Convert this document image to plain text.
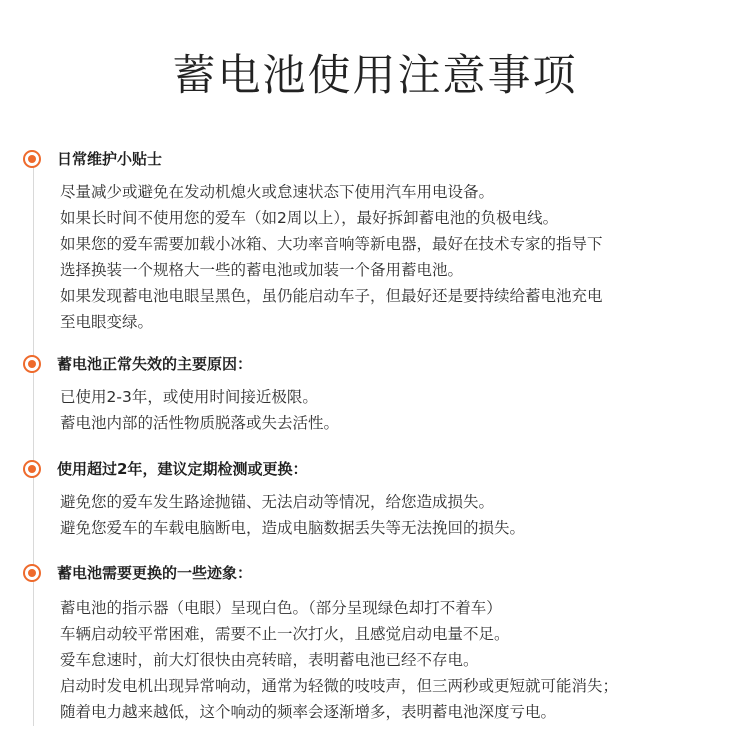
蓄电池使用注意事项
日常维护小贴士
尽量减少或避免在发动机熄火或怠速状态下使用汽车用电设备。
如果长时间不使用您的爱车（如2周以上），最好拆卸蓄电池的负极电线。
如果您的爱车需要加载小冰箱、大功率音响等新电器，最好在技术专家的指导下
选择换装一个规格大一些的蓄电池或加装一个备用蓄电池。
如果发现蓄电池电眼呈黑色，虽仍能启动车子，但最好还是要持续给蓄电池充电
至电眼变绿。
蓄电池正常失效的主要原因：
已使用2-3年，或使用时间接近极限。
蓄电池内部的活性物质脱落或失去活性。
使用超过2年，建议定期检测或更换：
避免您的爱车发生路途抛锚、无法启动等情况，给您造成损失。
避免您爱车的车载电脑断电，造成电脑数据丢失等无法挽回的损失。
蓄电池需要更换的一些迹象：
蓄电池的指示器（电眼）呈现白色。（部分呈现绿色却打不着车）
车辆启动较平常困难，需要不止一次打火，且感觉启动电量不足。
爱车怠速时，前大灯很快由亮转暗，表明蓄电池已经不存电。
启动时发电机出现异常响动，通常为轻微的吱吱声，但三两秒或更短就可能消失；
随着电力越来越低，这个响动的频率会逐渐增多，表明蓄电池深度亏电。
